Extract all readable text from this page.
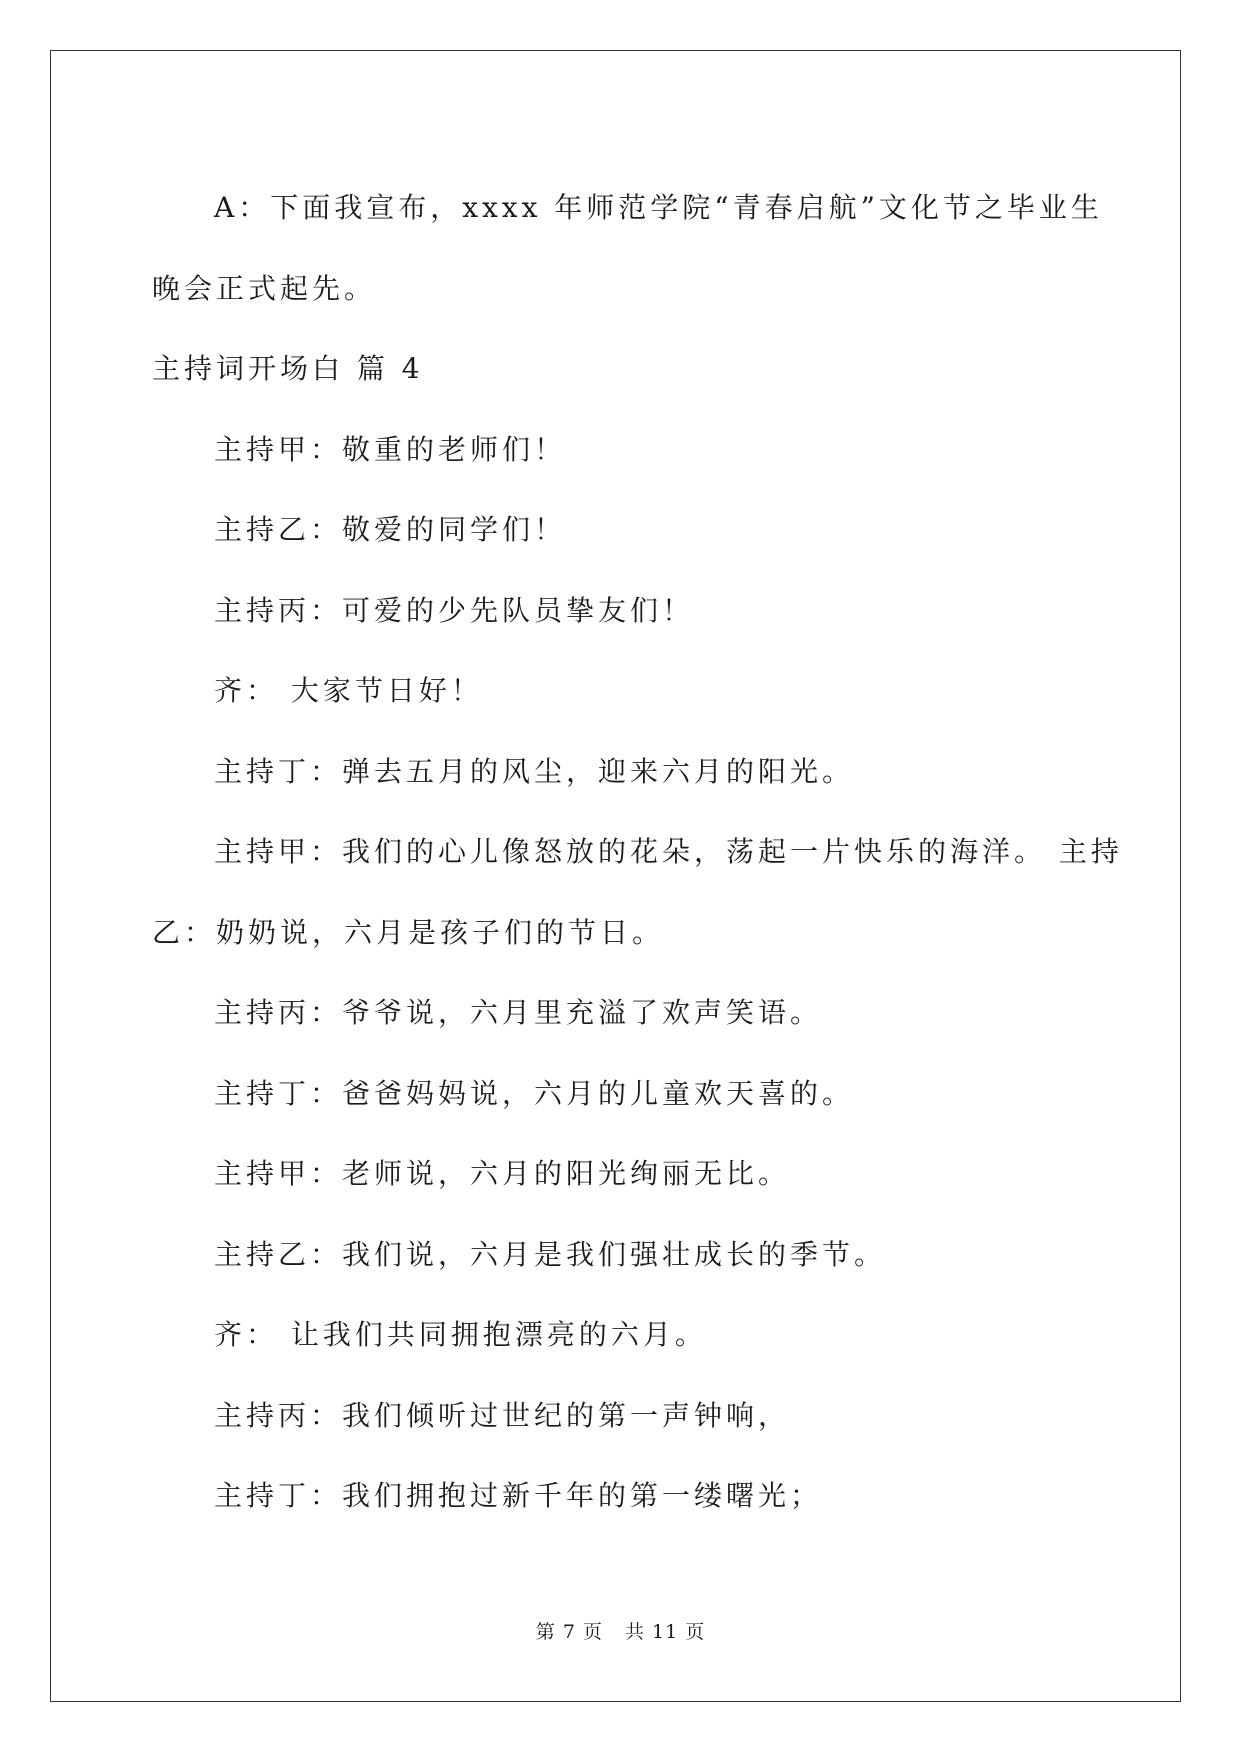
A：下面我宣布，xxxx 年师范学院“青春启航”文化节之毕业生
晚会正式起先。
主持词开场白 篇 4
主持甲：敬重的老师们！
主持乙：敬爱的同学们！
主持丙：可爱的少先队员挚友们！
齐： 大家节日好！
主持丁：弹去五月的风尘，迎来六月的阳光。
主持甲：我们的心儿像怒放的花朵，荡起一片快乐的海洋。 主持
乙：奶奶说，六月是孩子们的节日。
主持丙：爷爷说，六月里充溢了欢声笑语。
主持丁：爸爸妈妈说，六月的儿童欢天喜的。
主持甲：老师说，六月的阳光绚丽无比。
主持乙：我们说，六月是我们强壮成长的季节。
齐： 让我们共同拥抱漂亮的六月。
主持丙：我们倾听过世纪的第一声钟响，
主持丁：我们拥抱过新千年的第一缕曙光；
第 7 页 共 11 页
